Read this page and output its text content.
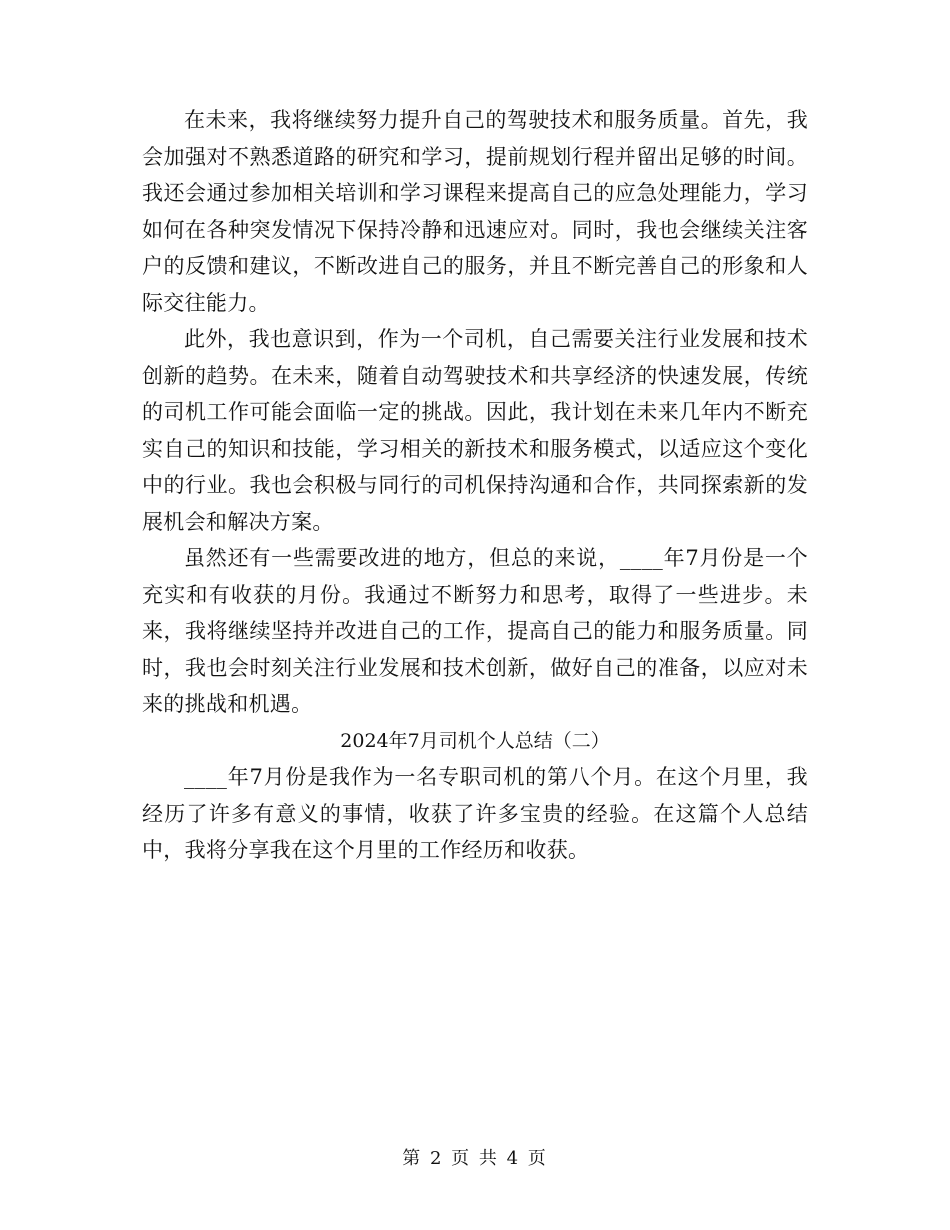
在未来，我将继续努力提升自己的驾驶技术和服务质量。首先，我会加强对不熟悉道路的研究和学习，提前规划行程并留出足够的时间。我还会通过参加相关培训和学习课程来提高自己的应急处理能力，学习如何在各种突发情况下保持冷静和迅速应对。同时，我也会继续关注客户的反馈和建议，不断改进自己的服务，并且不断完善自己的形象和人际交往能力。

此外，我也意识到，作为一个司机，自己需要关注行业发展和技术创新的趋势。在未来，随着自动驾驶技术和共享经济的快速发展，传统的司机工作可能会面临一定的挑战。因此，我计划在未来几年内不断充实自己的知识和技能，学习相关的新技术和服务模式，以适应这个变化中的行业。我也会积极与同行的司机保持沟通和合作，共同探索新的发展机会和解决方案。

虽然还有一些需要改进的地方，但总的来说，____年7月份是一个充实和有收获的月份。我通过不断努力和思考，取得了一些进步。未来，我将继续坚持并改进自己的工作，提高自己的能力和服务质量。同时，我也会时刻关注行业发展和技术创新，做好自己的准备，以应对未来的挑战和机遇。

2024年7月司机个人总结（二）

____年7月份是我作为一名专职司机的第八个月。在这个月里，我经历了许多有意义的事情，收获了许多宝贵的经验。在这篇个人总结中，我将分享我在这个月里的工作经历和收获。

第 2 页 共 4 页
